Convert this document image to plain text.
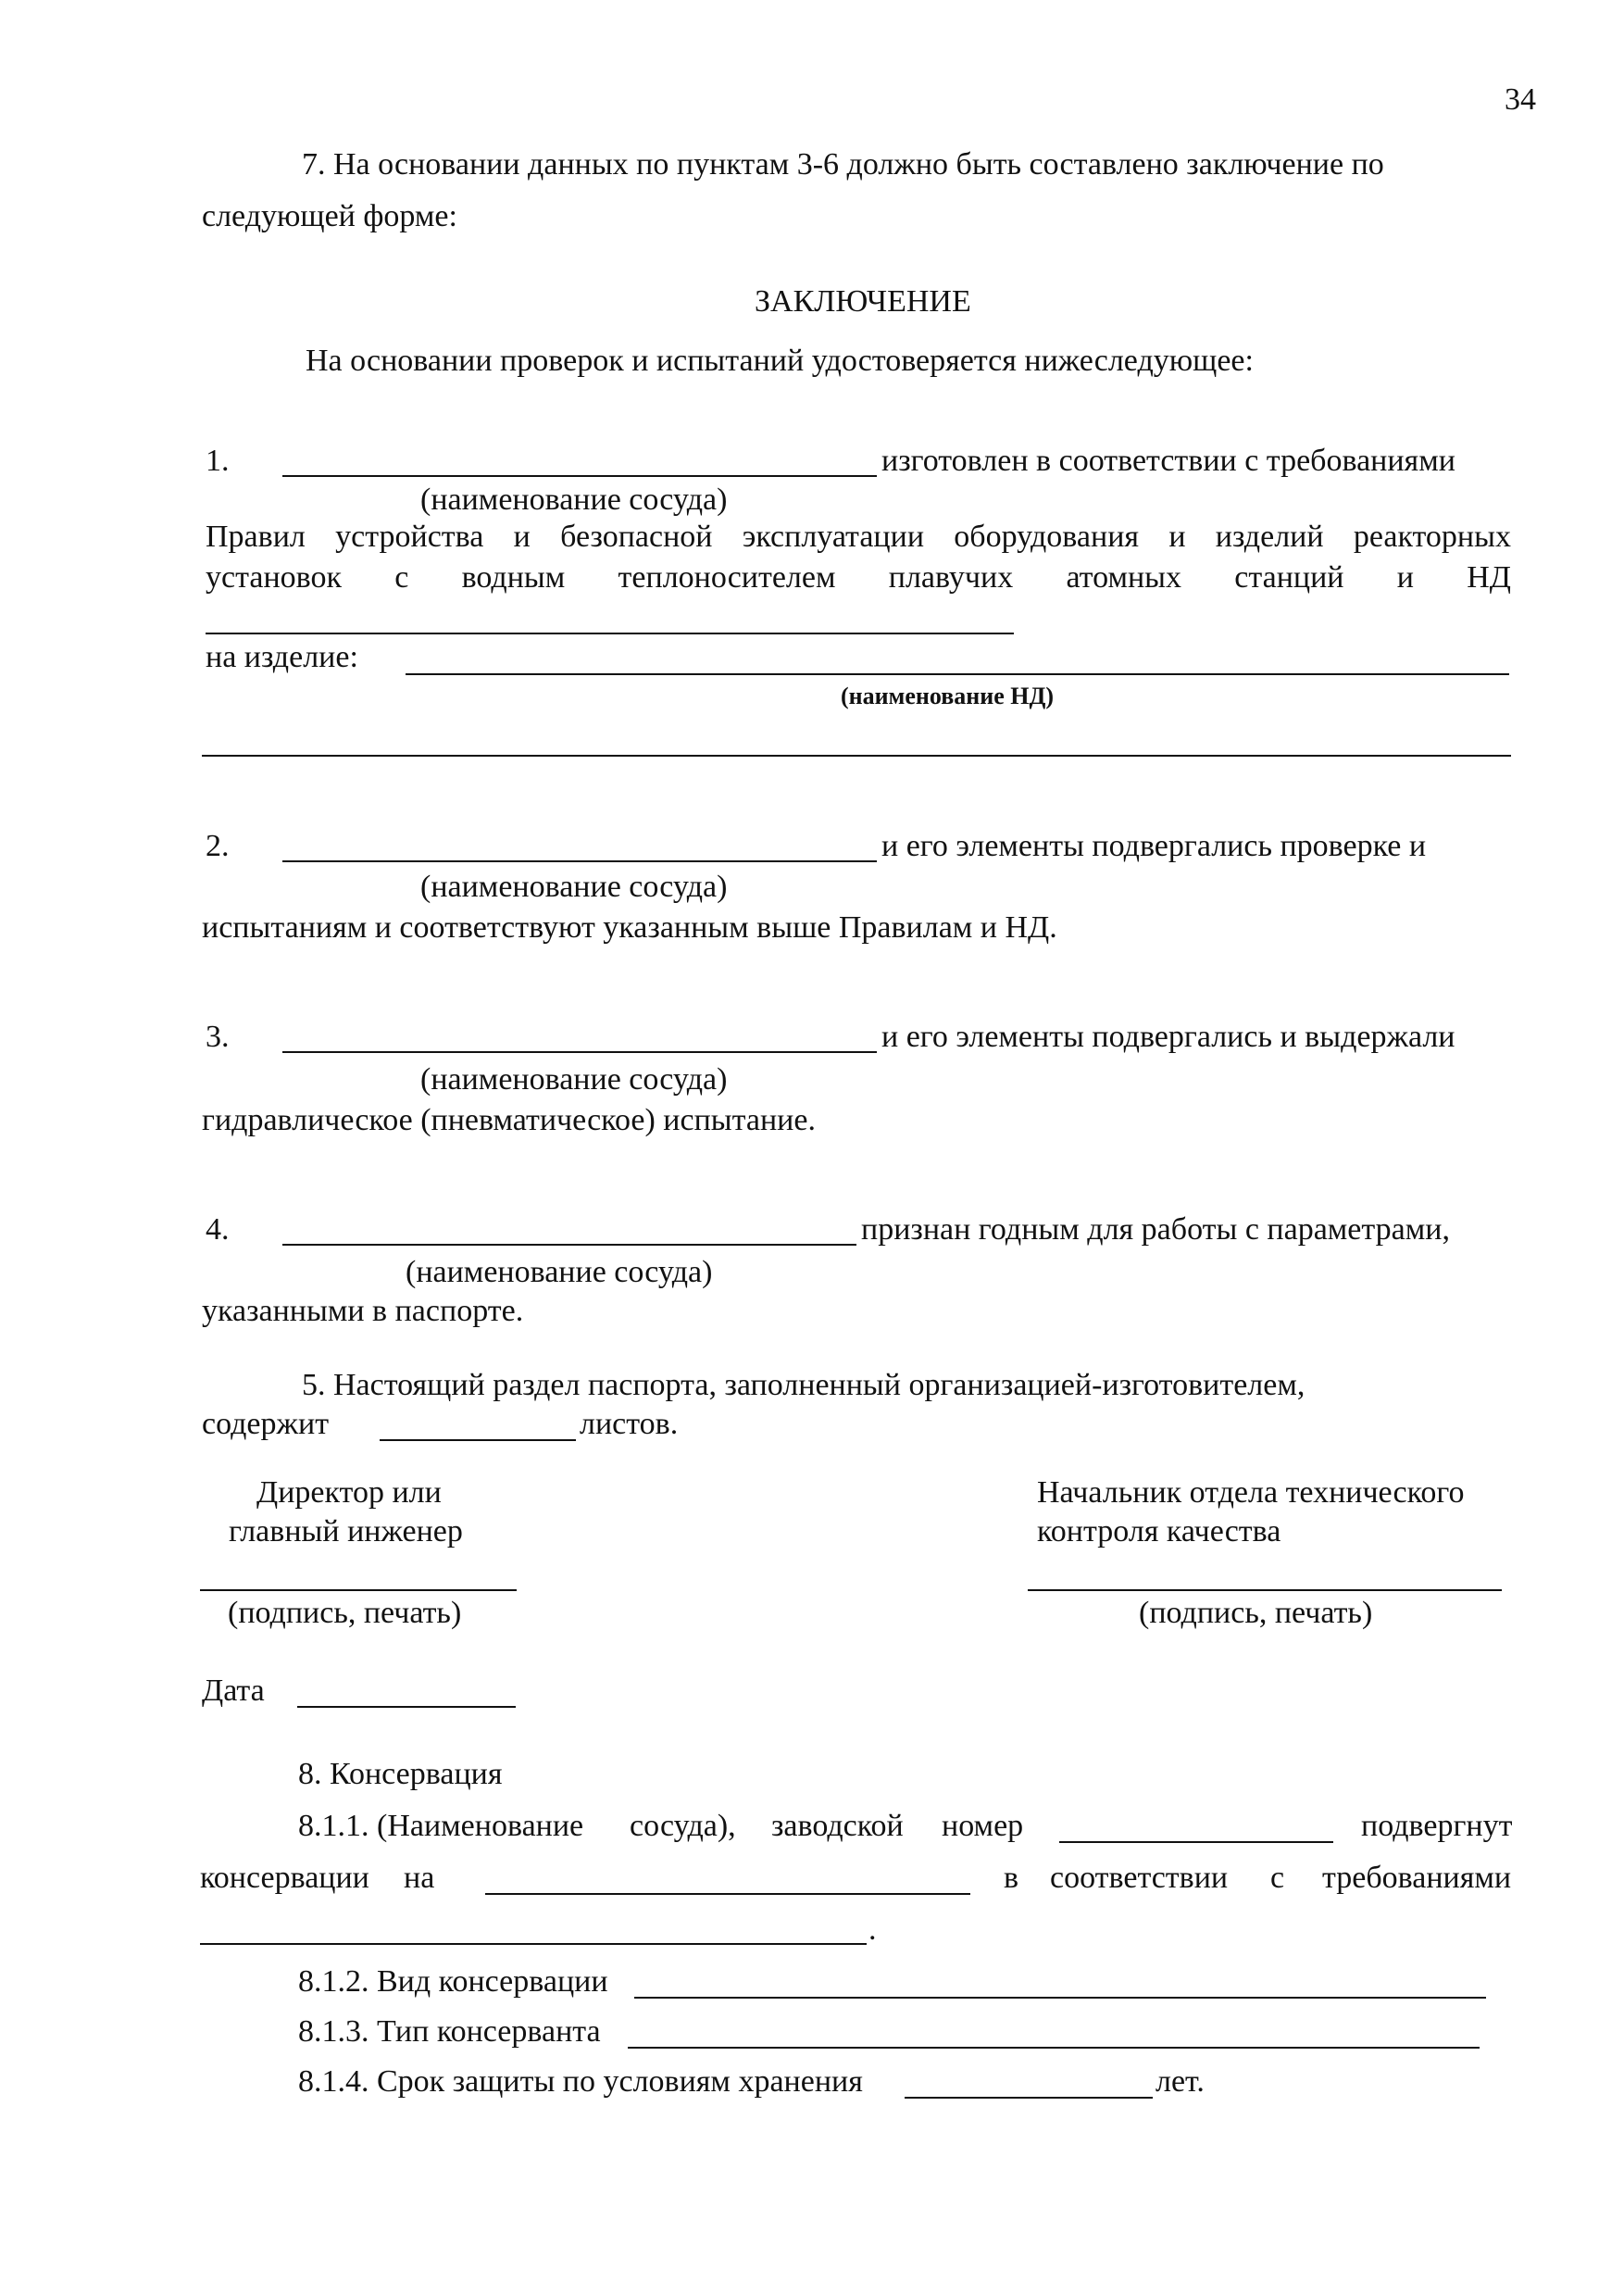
34
7. На основании данных по пунктам 3-6 должно быть составлено заключение по
следующей форме:
ЗАКЛЮЧЕНИЕ
На основании проверок и испытаний удостоверяется нижеследующее:
1.	изготовлен в соответствии с требованиями
(наименование сосуда)
Правил устройства и безопасной эксплуатации оборудования и изделий реакторных
установок с водным теплоносителем плавучих атомных станций и НД
на изделие:
(наименование НД)
2.	и его элементы подвергались проверке и
(наименование сосуда)
испытаниям и соответствуют указанным выше Правилам и НД.
3.	и его элементы подвергались и выдержали
(наименование сосуда)
гидравлическое (пневматическое) испытание.
4.	признан годным для работы с параметрами,
(наименование сосуда)
указанными в паспорте.
5. Настоящий раздел паспорта, заполненный организацией-изготовителем,
содержит	листов.
Директор или
главный инженер
(подпись, печать)
Начальник отдела технического
контроля качества
(подпись, печать)
Дата
8. Консервация
8.1.1. (Наименование сосуда), заводской номер	подвергнут
консервации на	в соответствии с требованиями
.
8.1.2. Вид консервации
8.1.3. Тип консерванта
8.1.4. Срок защиты по условиям хранения	лет.
